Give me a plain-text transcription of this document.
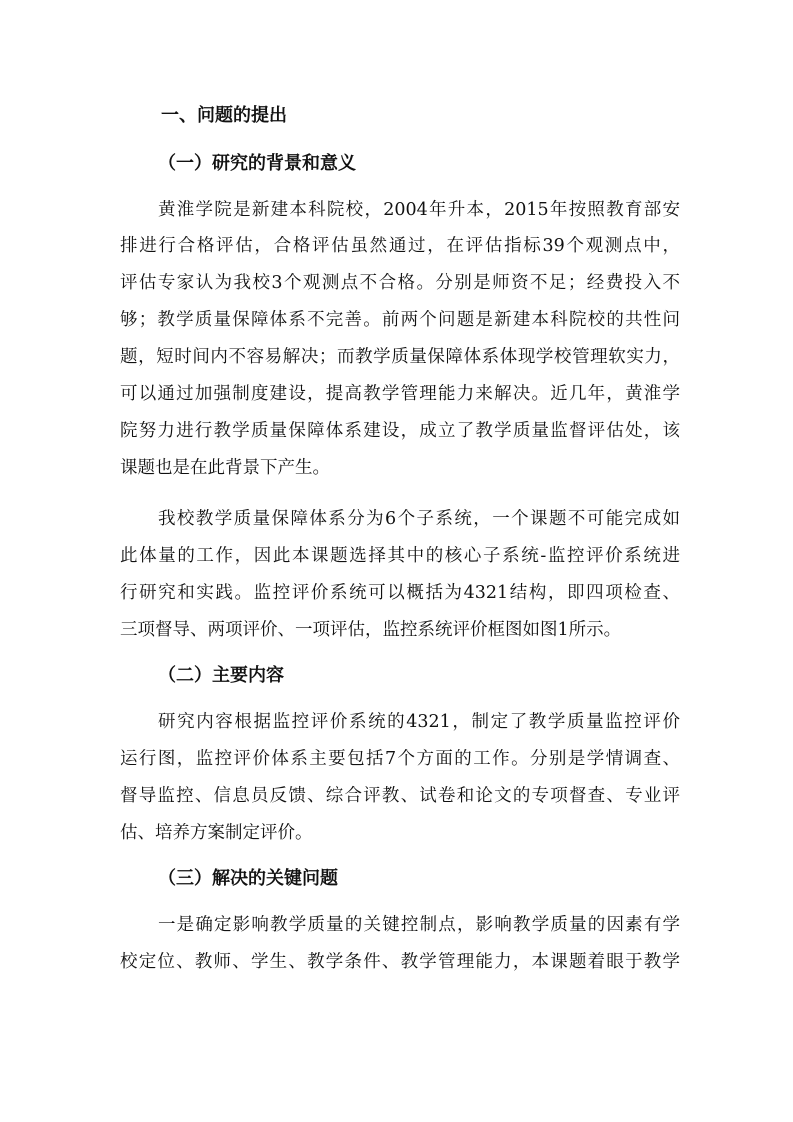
一、问题的提出
（一）研究的背景和意义

黄淮学院是新建本科院校，2004年升本，2015年按照教育部安

排进行合格评估，合格评估虽然通过，在评估指标39个观测点中，

评估专家认为我校3个观测点不合格。分别是师资不足；经费投入不

够；教学质量保障体系不完善。前两个问题是新建本科院校的共性问

题，短时间内不容易解决；而教学质量保障体系体现学校管理软实力，

可以通过加强制度建设，提高教学管理能力来解决。近几年，黄淮学

院努力进行教学质量保障体系建设，成立了教学质量监督评估处，该

课题也是在此背景下产生。

我校教学质量保障体系分为6个子系统，一个课题不可能完成如

此体量的工作，因此本课题选择其中的核心子系统-监控评价系统进

行研究和实践。监控评价系统可以概括为4321结构，即四项检查、

三项督导、两项评价、一项评估，监控系统评价框图如图1所示。

（二）主要内容

研究内容根据监控评价系统的4321，制定了教学质量监控评价

运行图，监控评价体系主要包括7个方面的工作。分别是学情调查、

督导监控、信息员反馈、综合评教、试卷和论文的专项督查、专业评

估、培养方案制定评价。

（三）解决的关键问题

一是确定影响教学质量的关键控制点，影响教学质量的因素有学

校定位、教师、学生、教学条件、教学管理能力，本课题着眼于教学
